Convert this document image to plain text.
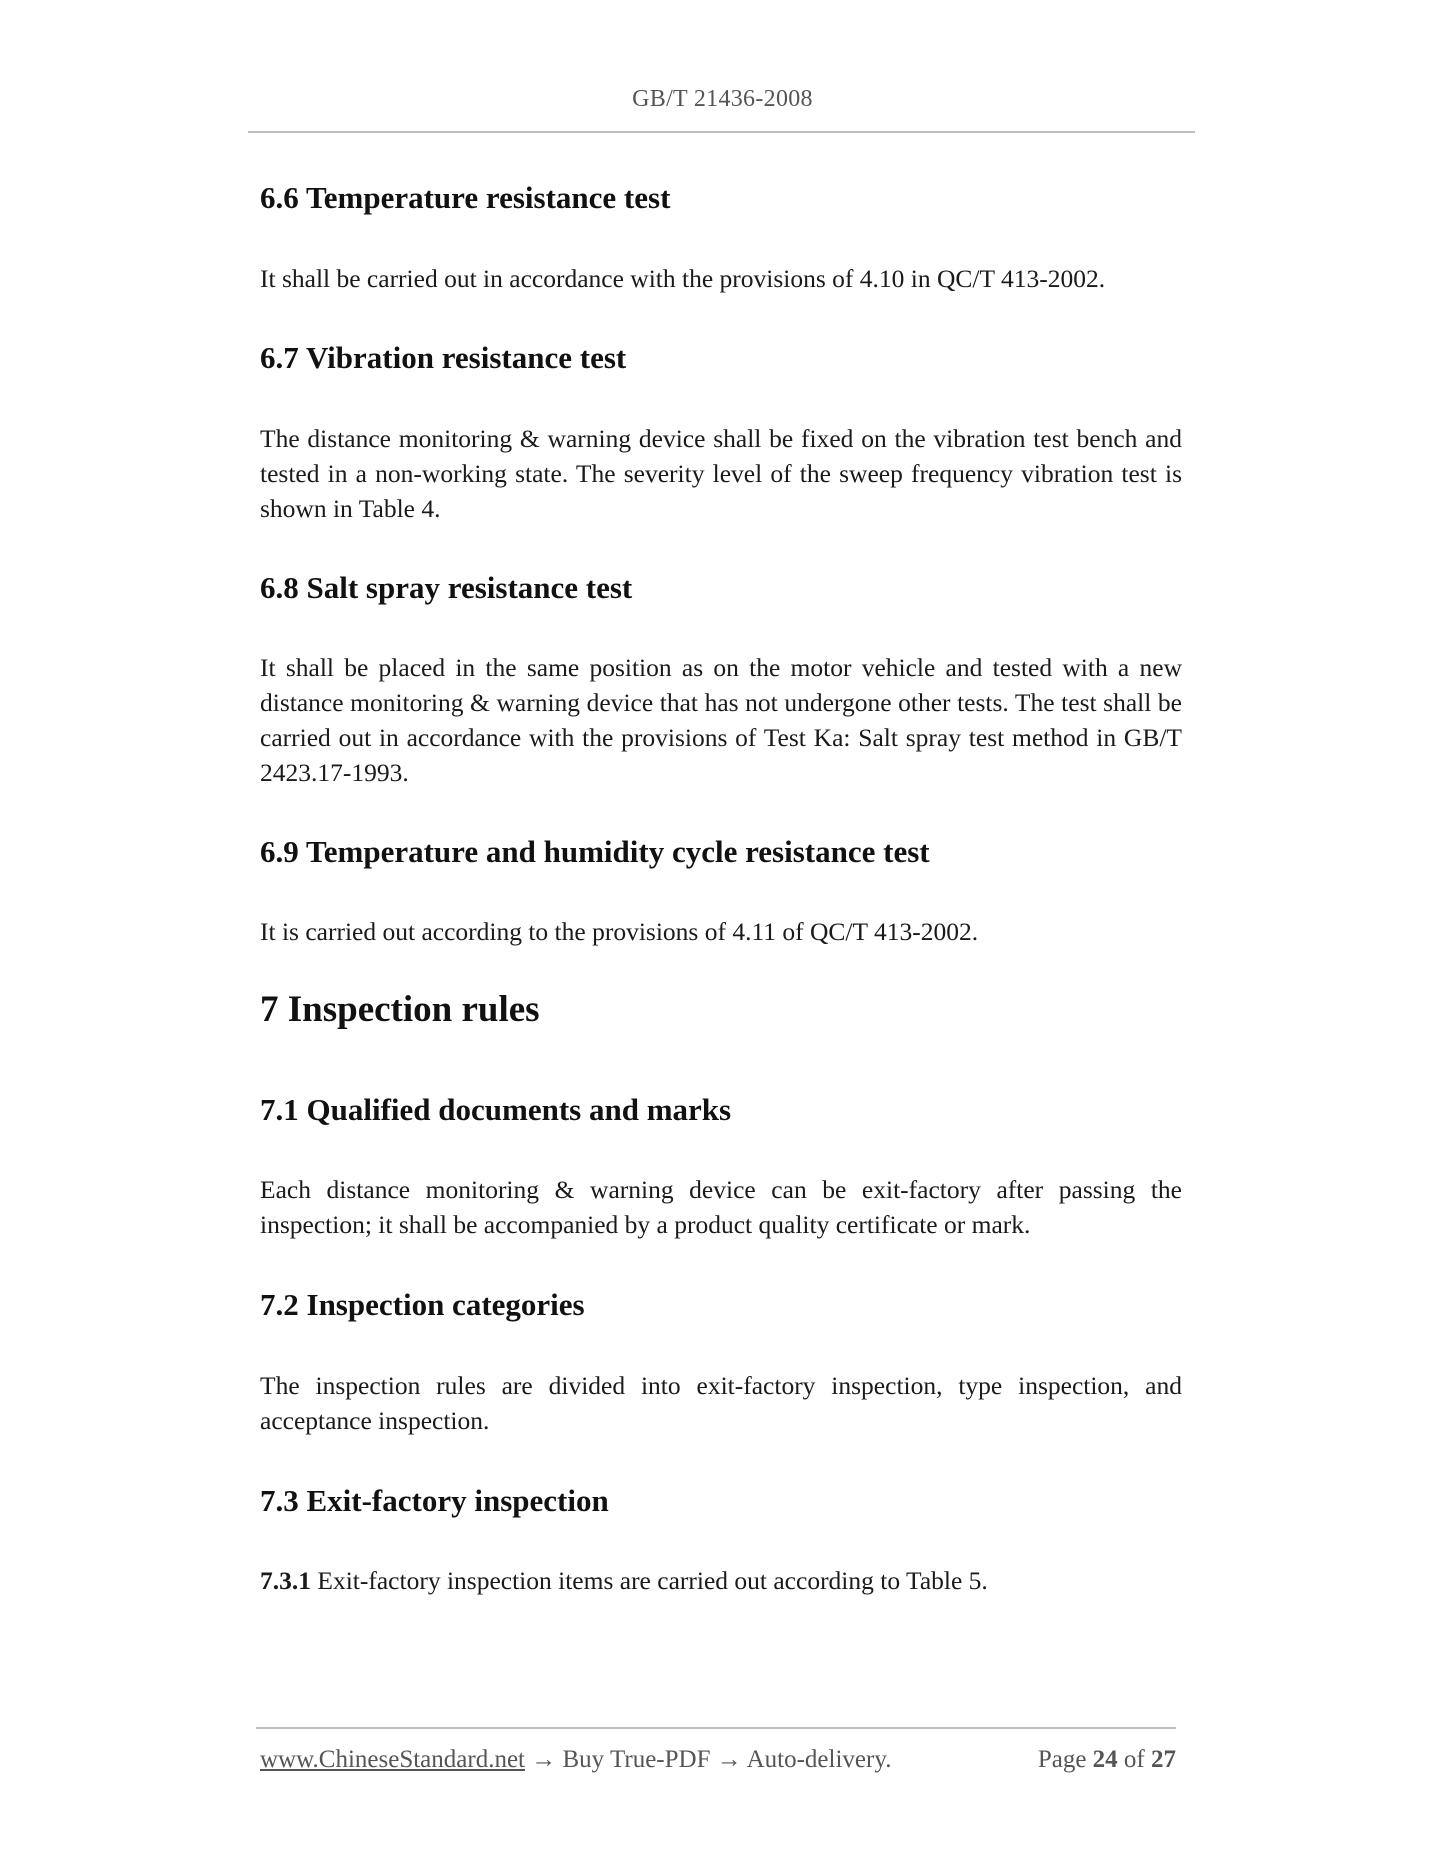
GB/T 21436-2008
6.6 Temperature resistance test
It shall be carried out in accordance with the provisions of 4.10 in QC/T 413-2002.
6.7 Vibration resistance test
The distance monitoring & warning device shall be fixed on the vibration test bench and tested in a non-working state. The severity level of the sweep frequency vibration test is shown in Table 4.
6.8 Salt spray resistance test
It shall be placed in the same position as on the motor vehicle and tested with a new distance monitoring & warning device that has not undergone other tests. The test shall be carried out in accordance with the provisions of Test Ka: Salt spray test method in GB/T 2423.17-1993.
6.9 Temperature and humidity cycle resistance test
It is carried out according to the provisions of 4.11 of QC/T 413-2002.
7 Inspection rules
7.1 Qualified documents and marks
Each distance monitoring & warning device can be exit-factory after passing the inspection; it shall be accompanied by a product quality certificate or mark.
7.2 Inspection categories
The inspection rules are divided into exit-factory inspection, type inspection, and acceptance inspection.
7.3 Exit-factory inspection
7.3.1 Exit-factory inspection items are carried out according to Table 5.
www.ChineseStandard.net → Buy True-PDF → Auto-delivery.	Page 24 of 27
